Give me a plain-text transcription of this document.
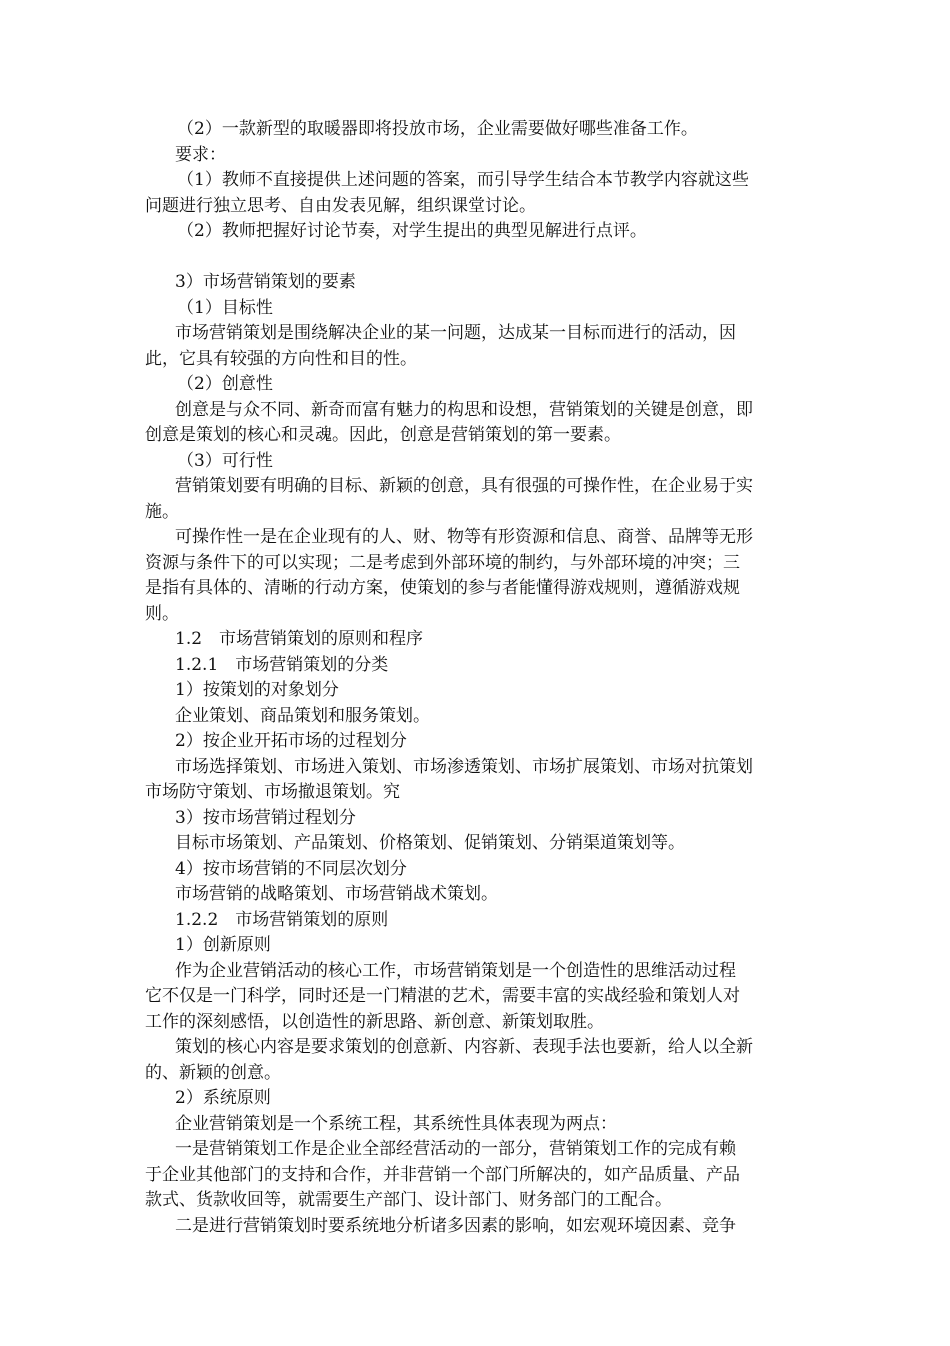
（2）一款新型的取暖器即将投放市场，企业需要做好哪些准备工作。
要求：
（1）教师不直接提供上述问题的答案，而引导学生结合本节教学内容就这些
问题进行独立思考、自由发表见解，组织课堂讨论。
（2）教师把握好讨论节奏，对学生提出的典型见解进行点评。
3）市场营销策划的要素
（1）目标性
市场营销策划是围绕解决企业的某一问题，达成某一目标而进行的活动，因
此，它具有较强的方向性和目的性。
（2）创意性
创意是与众不同、新奇而富有魅力的构思和设想，营销策划的关键是创意，即
创意是策划的核心和灵魂。因此，创意是营销策划的第一要素。
（3）可行性
营销策划要有明确的目标、新颖的创意，具有很强的可操作性，在企业易于实
施。
可操作性一是在企业现有的人、财、物等有形资源和信息、商誉、品牌等无形
资源与条件下的可以实现；二是考虑到外部环境的制约，与外部环境的冲突；三
是指有具体的、清晰的行动方案，使策划的参与者能懂得游戏规则，遵循游戏规
则。
1.2　市场营销策划的原则和程序
1.2.1　市场营销策划的分类
1）按策划的对象划分
企业策划、商品策划和服务策划。
2）按企业开拓市场的过程划分
市场选择策划、市场进入策划、市场渗透策划、市场扩展策划、市场对抗策划
市场防守策划、市场撤退策划。究
3）按市场营销过程划分
目标市场策划、产品策划、价格策划、促销策划、分销渠道策划等。
4）按市场营销的不同层次划分
市场营销的战略策划、市场营销战术策划。
1.2.2　市场营销策划的原则
1）创新原则
作为企业营销活动的核心工作，市场营销策划是一个创造性的思维活动过程
它不仅是一门科学，同时还是一门精湛的艺术，需要丰富的实战经验和策划人对
工作的深刻感悟，以创造性的新思路、新创意、新策划取胜。
策划的核心内容是要求策划的创意新、内容新、表现手法也要新，给人以全新
的、新颖的创意。
2）系统原则
企业营销策划是一个系统工程，其系统性具体表现为两点：
一是营销策划工作是企业全部经营活动的一部分，营销策划工作的完成有赖
于企业其他部门的支持和合作，并非营销一个部门所解决的，如产品质量、产品
款式、货款收回等，就需要生产部门、设计部门、财务部门的工配合。
二是进行营销策划时要系统地分析诸多因素的影响，如宏观环境因素、竞争
